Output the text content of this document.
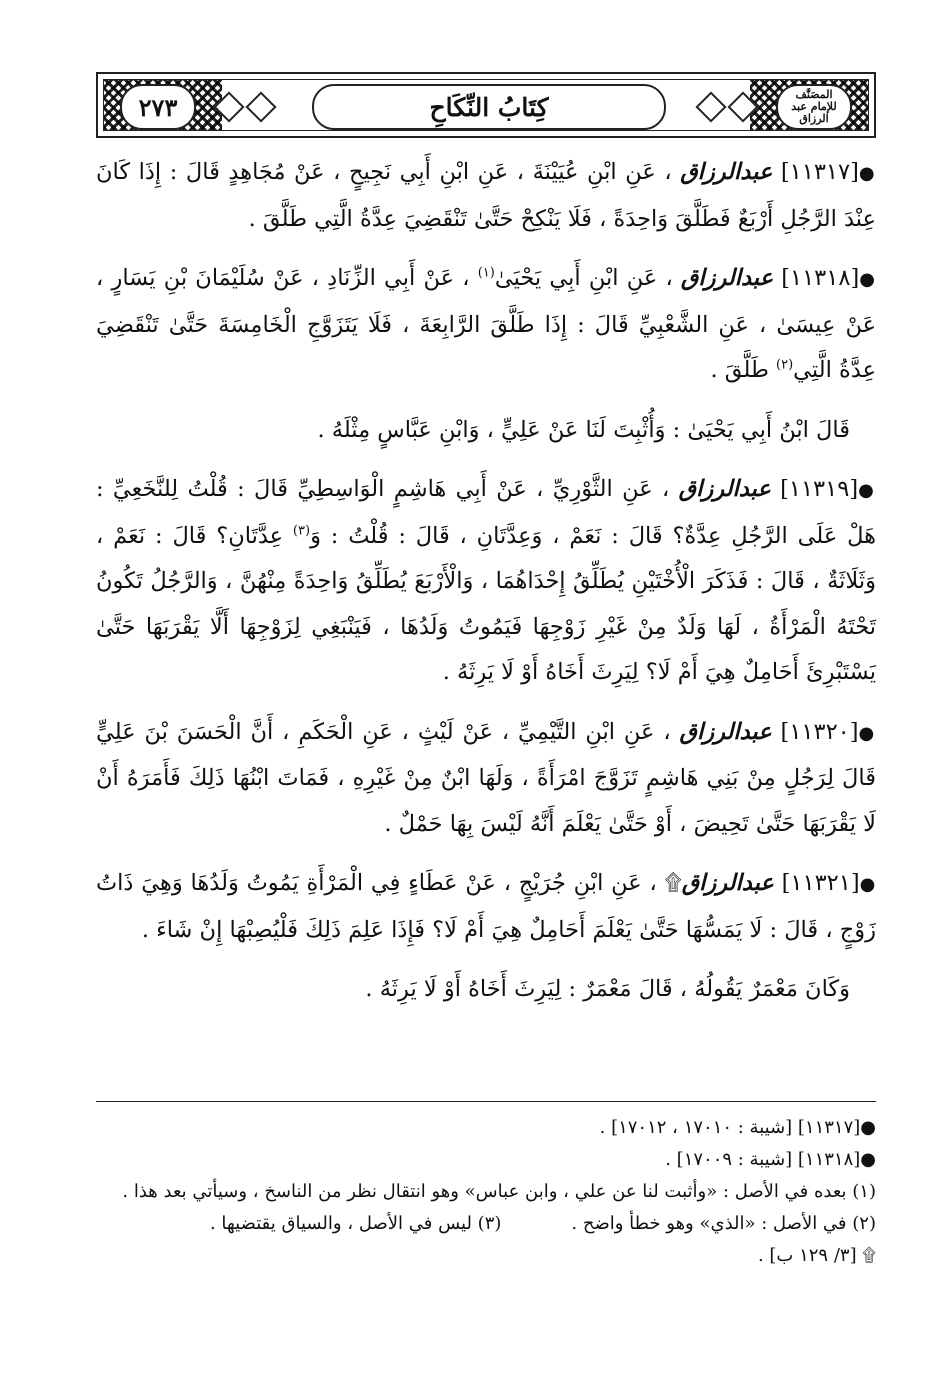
٢٧٣	كِتَابُ النِّكَاحِ	المصَنَّف
للإمام عبد الرزاق

●[١١٣١٧] عبدالرزاق ، عَنِ ابْنِ عُيَيْنَةَ ، عَنِ ابْنِ أَبِي نَجِيحٍ ، عَنْ مُجَاهِدٍ قَالَ : إِذَا كَانَ عِنْدَ الرَّجُلِ أَرْبَعٌ فَطَلَّقَ وَاحِدَةً ، فَلَا يَنْكِحْ حَتَّىٰ تَنْقَضِيَ عِدَّةُ الَّتِي طَلَّقَ .

●[١١٣١٨] عبدالرزاق ، عَنِ ابْنِ أَبِي يَحْيَىٰ$^{(١)}$ ، عَنْ أَبِي الزِّنَادِ ، عَنْ سُلَيْمَانَ بْنِ يَسَارٍ ، عَنْ عِيسَىٰ ، عَنِ الشَّعْبِيِّ قَالَ : إِذَا طَلَّقَ الرَّابِعَةَ ، فَلَا يَتَزَوَّجِ الْخَامِسَةَ حَتَّىٰ تَنْقَضِيَ عِدَّةُ الَّتِي$^{(٢)}$ طَلَّقَ .

قَالَ ابْنُ أَبِي يَحْيَىٰ : وَأُثْبِتَ لَنَا عَنْ عَلِيٍّ ، وَابْنِ عَبَّاسٍ مِثْلَهُ .

●[١١٣١٩] عبدالرزاق ، عَنِ الثَّوْرِيِّ ، عَنْ أَبِي هَاشِمٍ الْوَاسِطِيِّ قَالَ : قُلْتُ لِلنَّخَعِيِّ : هَلْ عَلَى الرَّجُلِ عِدَّةٌ؟ قَالَ : نَعَمْ ، وَعِدَّتَانِ ، قَالَ : قُلْتُ : وَ$^{(٣)}$ عِدَّتَانِ؟ قَالَ : نَعَمْ ، وَثَلَاثَةٌ ، قَالَ : فَذَكَرَ الْأُخْتَيْنِ يُطَلِّقُ إِحْدَاهُمَا ، وَالْأَرْبَعَ يُطَلِّقُ وَاحِدَةً مِنْهُنَّ ، وَالرَّجُلُ تَكُونُ تَحْتَهُ الْمَرْأَةُ ، لَهَا وَلَدٌ مِنْ غَيْرِ زَوْجِهَا فَيَمُوتُ وَلَدُهَا ، فَيَنْبَغِي لِزَوْجِهَا أَلَّا يَقْرَبَهَا حَتَّىٰ يَسْتَبْرِئَ أَحَامِلٌ هِيَ أَمْ لَا؟ لِيَرِثَ أَخَاهُ أَوْ لَا يَرِثَهُ .

●[١١٣٢٠] عبدالرزاق ، عَنِ ابْنِ التَّيْمِيِّ ، عَنْ لَيْثٍ ، عَنِ الْحَكَمِ ، أَنَّ الْحَسَنَ بْنَ عَلِيٍّ قَالَ لِرَجُلٍ مِنْ بَنِي هَاشِمٍ تَزَوَّجَ امْرَأَةً ، وَلَهَا ابْنٌ مِنْ غَيْرِهِ ، فَمَاتَ ابْنُهَا ذَلِكَ فَأَمَرَهُ أَنْ لَا يَقْرَبَهَا حَتَّىٰ تَحِيضَ ، أَوْ حَتَّىٰ يَعْلَمَ أَنَّهُ لَيْسَ بِهَا حَمْلٌ .

●[١١٣٢١] عبدالرزاق۩ ، عَنِ ابْنِ جُرَيْجٍ ، عَنْ عَطَاءٍ فِي الْمَرْأَةِ يَمُوتُ وَلَدُهَا وَهِيَ ذَاتُ زَوْجٍ ، قَالَ : لَا يَمَسُّهَا حَتَّىٰ يَعْلَمَ أَحَامِلٌ هِيَ أَمْ لَا؟ فَإِذَا عَلِمَ ذَلِكَ فَلْيُصِبْهَا إِنْ شَاءَ .

وَكَانَ مَعْمَرٌ يَقُولُهُ ، قَالَ مَعْمَرٌ : لِيَرِثَ أَخَاهُ أَوْ لَا يَرِثَهُ .

●[١١٣١٧] [شيبة : ١٧٠١٠ ، ١٧٠١٢] .
●[١١٣١٨] [شيبة : ١٧٠٠٩] .
(١) بعده في الأصل : «وأثبت لنا عن علي ، وابن عباس» وهو انتقال نظر من الناسخ ، وسيأتي بعد هذا .
(٢) في الأصل : «الذي» وهو خطأ واضح .(٣) ليس في الأصل ، والسياق يقتضيها .
۩ [٣/ ١٢٩ ب] .
